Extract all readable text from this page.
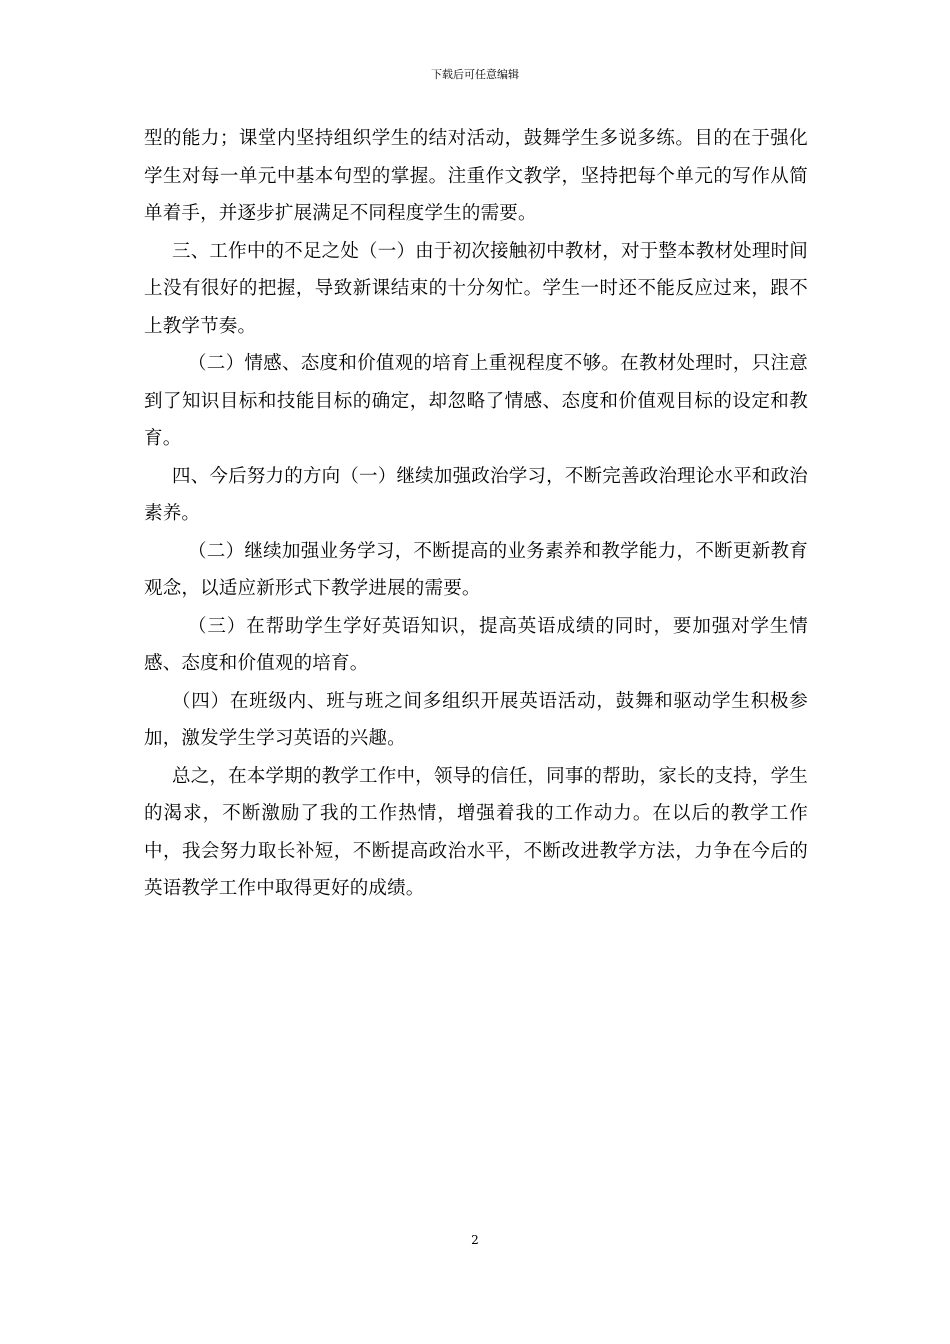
下载后可任意编辑

型的能力；课堂内坚持组织学生的结对活动，鼓舞学生多说多练。目的在于强化学生对每一单元中基本句型的掌握。注重作文教学，坚持把每个单元的写作从简单着手，并逐步扩展满足不同程度学生的需要。

三、工作中的不足之处（一）由于初次接触初中教材，对于整本教材处理时间上没有很好的把握，导致新课结束的十分匆忙。学生一时还不能反应过来，跟不上教学节奏。

（二）情感、态度和价值观的培育上重视程度不够。在教材处理时，只注意到了知识目标和技能目标的确定，却忽略了情感、态度和价值观目标的设定和教育。

四、今后努力的方向（一）继续加强政治学习，不断完善政治理论水平和政治素养。

（二）继续加强业务学习，不断提高的业务素养和教学能力，不断更新教育观念，以适应新形式下教学进展的需要。

（三）在帮助学生学好英语知识，提高英语成绩的同时，要加强对学生情感、态度和价值观的培育。

（四）在班级内、班与班之间多组织开展英语活动，鼓舞和驱动学生积极参加，激发学生学习英语的兴趣。

总之，在本学期的教学工作中，领导的信任，同事的帮助，家长的支持，学生的渴求，不断激励了我的工作热情，增强着我的工作动力。在以后的教学工作中，我会努力取长补短，不断提高政治水平，不断改进教学方法，力争在今后的英语教学工作中取得更好的成绩。

2
